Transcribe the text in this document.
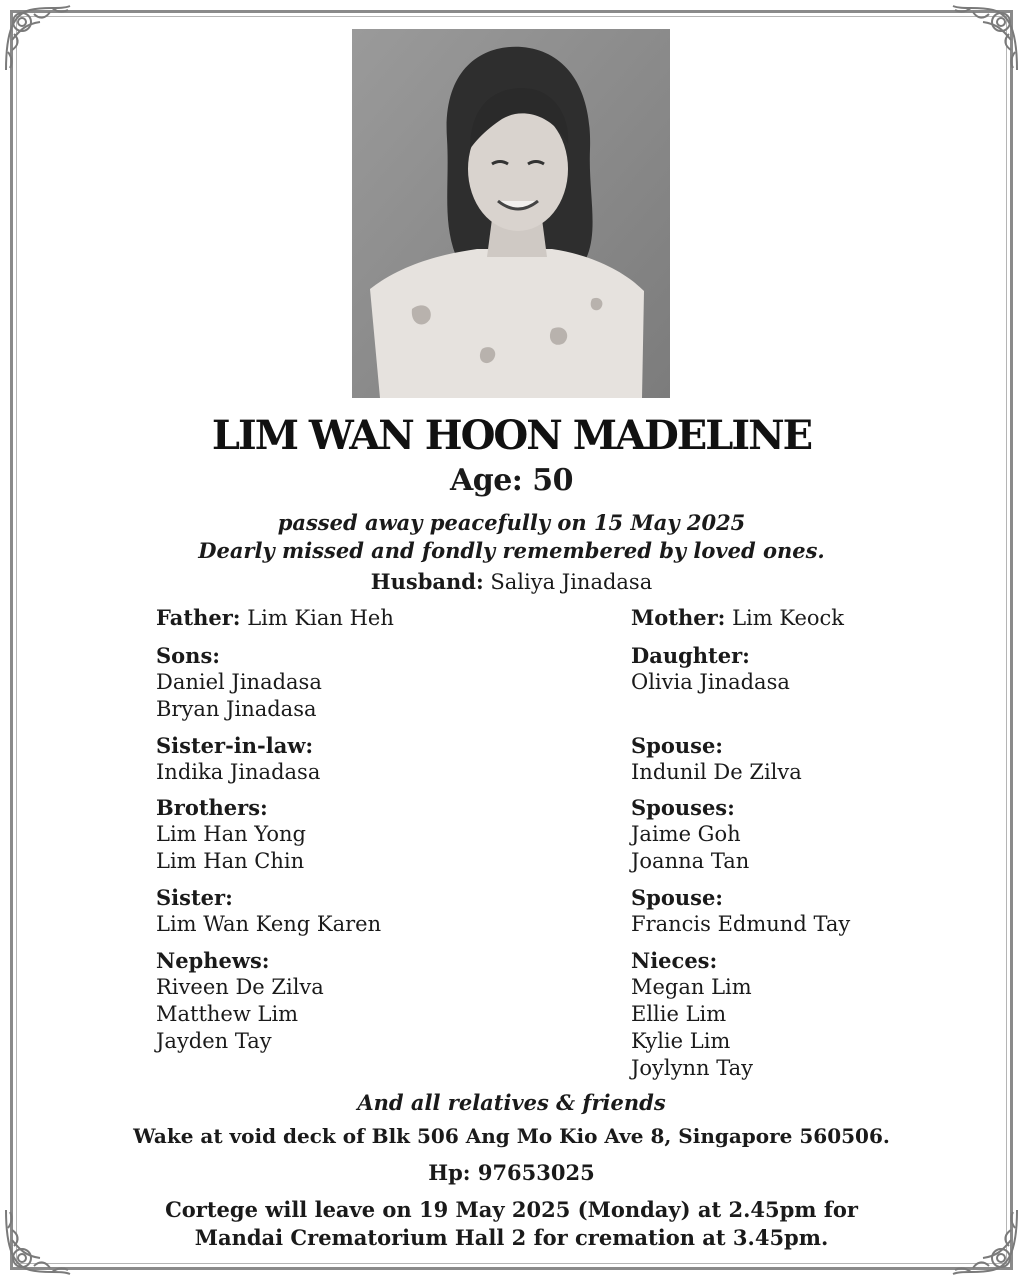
LIM WAN HOON MADELINE
Age: 50
passed away peacefully on 15 May 2025
Dearly missed and fondly remembered by loved ones.
Husband: Saliya Jinadasa
Father: Lim Kian Heh
Sons:
Daniel Jinadasa
Bryan Jinadasa
Sister-in-law:
Indika Jinadasa
Brothers:
Lim Han Yong
Lim Han Chin
Sister:
Lim Wan Keng Karen
Nephews:
Riveen De Zilva
Matthew Lim
Jayden Tay
Mother: Lim Keock
Daughter:
Olivia Jinadasa
Spouse:
Indunil De Zilva
Spouses:
Jaime Goh
Joanna Tan
Spouse:
Francis Edmund Tay
Nieces:
Megan Lim
Ellie Lim
Kylie Lim
Joylynn Tay
And all relatives & friends
Wake at void deck of Blk 506 Ang Mo Kio Ave 8, Singapore 560506.
Hp: 97653025
Cortege will leave on 19 May 2025 (Monday) at 2.45pm for
Mandai Crematorium Hall 2 for cremation at 3.45pm.
